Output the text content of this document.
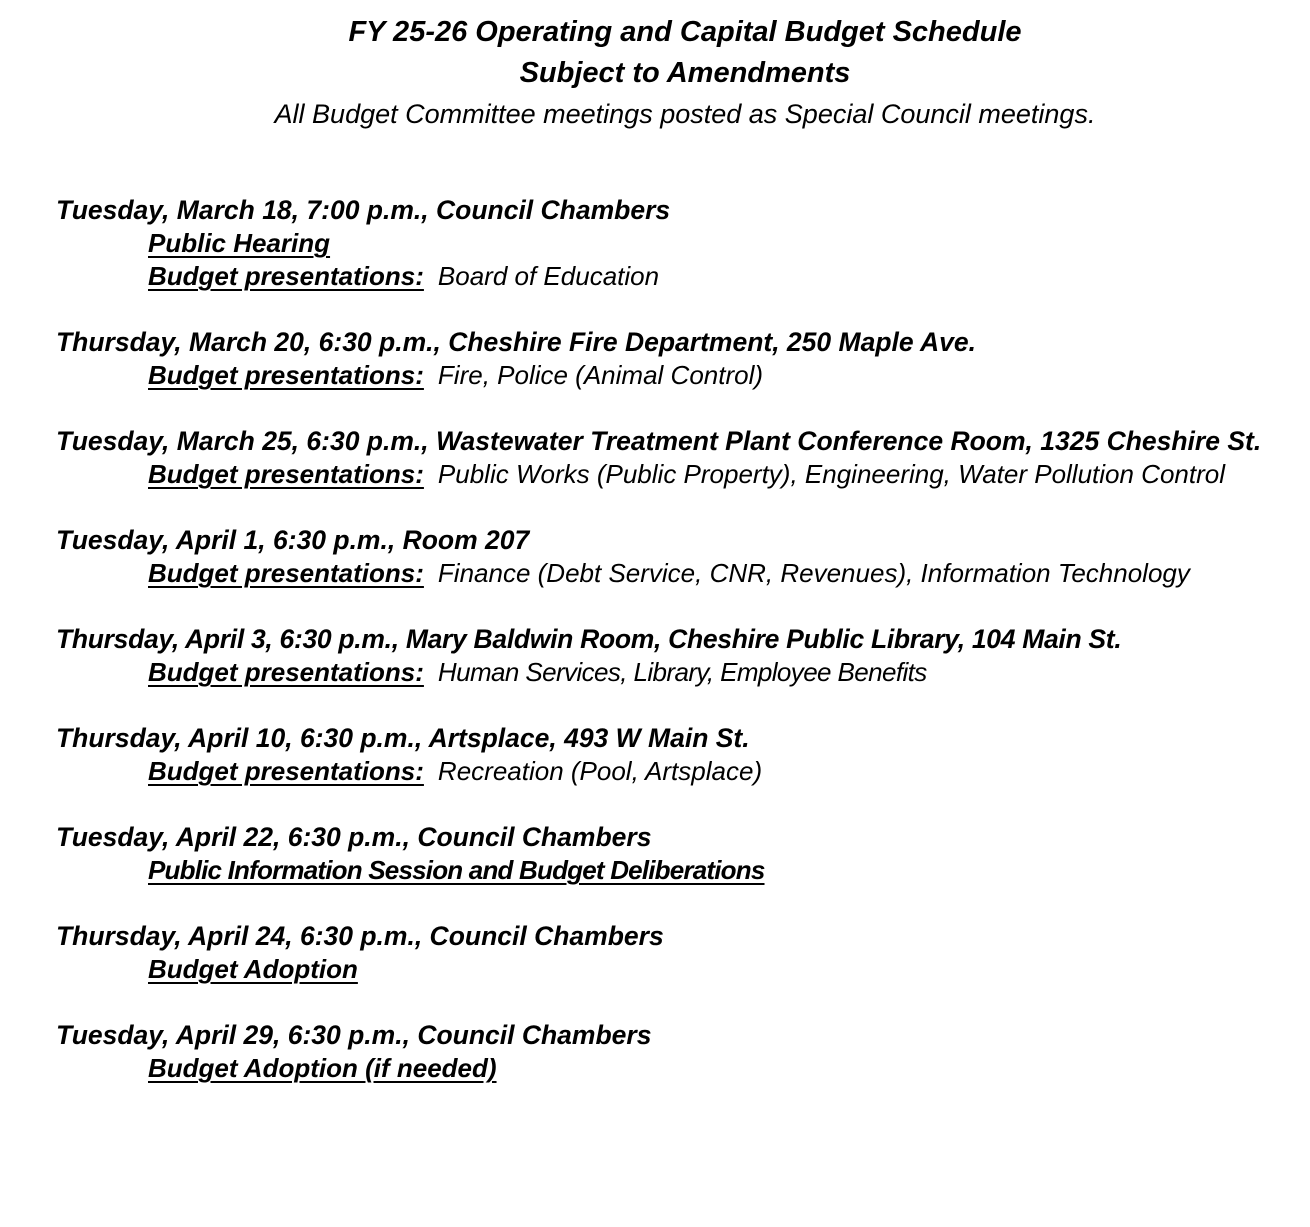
FY 25-26 Operating and Capital Budget Schedule
Subject to Amendments
All Budget Committee meetings posted as Special Council meetings.
Tuesday, March 18, 7:00 p.m., Council Chambers
Public Hearing
Budget presentations: Board of Education
Thursday, March 20, 6:30 p.m., Cheshire Fire Department, 250 Maple Ave.
Budget presentations: Fire, Police (Animal Control)
Tuesday, March 25, 6:30 p.m., Wastewater Treatment Plant Conference Room, 1325 Cheshire St.
Budget presentations: Public Works (Public Property), Engineering, Water Pollution Control
Tuesday, April 1, 6:30 p.m., Room 207
Budget presentations: Finance (Debt Service, CNR, Revenues), Information Technology
Thursday, April 3, 6:30 p.m., Mary Baldwin Room, Cheshire Public Library, 104 Main St.
Budget presentations: Human Services, Library, Employee Benefits
Thursday, April 10, 6:30 p.m., Artsplace, 493 W Main St.
Budget presentations: Recreation (Pool, Artsplace)
Tuesday, April 22, 6:30 p.m., Council Chambers
Public Information Session and Budget Deliberations
Thursday, April 24, 6:30 p.m., Council Chambers
Budget Adoption
Tuesday, April 29, 6:30 p.m., Council Chambers
Budget Adoption (if needed)
